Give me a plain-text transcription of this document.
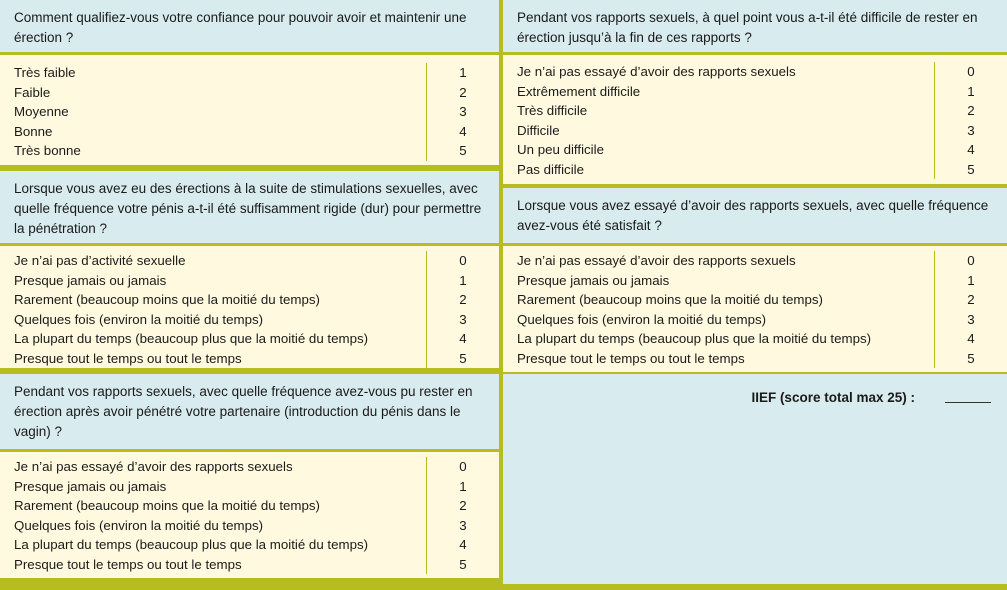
Comment qualifiez-vous votre confiance pour pouvoir avoir et maintenir une érection ?
Très faible	1
Faible	2
Moyenne	3
Bonne	4
Très bonne	5
Lorsque vous avez eu des érections à la suite de stimulations sexuelles, avec quelle fréquence votre pénis a-t-il été suffisamment rigide (dur) pour permettre la pénétration ?
Je n’ai pas d’activité sexuelle	0
Presque jamais ou jamais	1
Rarement (beaucoup moins que la moitié du temps)	2
Quelques fois (environ la moitié du temps)	3
La plupart du temps (beaucoup plus que la moitié du temps)	4
Presque tout le temps ou tout le temps	5
Pendant vos rapports sexuels, avec quelle fréquence avez-vous pu rester en érection après avoir pénétré votre partenaire (introduction du pénis dans le vagin) ?
Je n’ai pas essayé d’avoir des rapports sexuels	0
Presque jamais ou jamais	1
Rarement (beaucoup moins que la moitié du temps)	2
Quelques fois (environ la moitié du temps)	3
La plupart du temps (beaucoup plus que la moitié du temps)	4
Presque tout le temps ou tout le temps	5
Pendant vos rapports sexuels, à quel point vous a-t-il été difficile de rester en érection jusqu’à la fin de ces rapports ?
Je n’ai pas essayé d’avoir des rapports sexuels	0
Extrêmement difficile	1
Très difficile	2
Difficile	3
Un peu difficile	4
Pas difficile	5
Lorsque vous avez essayé d’avoir des rapports sexuels, avec quelle fréquence avez-vous été satisfait ?
Je n’ai pas essayé d’avoir des rapports sexuels	0
Presque jamais ou jamais	1
Rarement (beaucoup moins que la moitié du temps)	2
Quelques fois (environ la moitié du temps)	3
La plupart du temps (beaucoup plus que la moitié du temps)	4
Presque tout le temps ou tout le temps	5
IIEF (score total max 25) :
